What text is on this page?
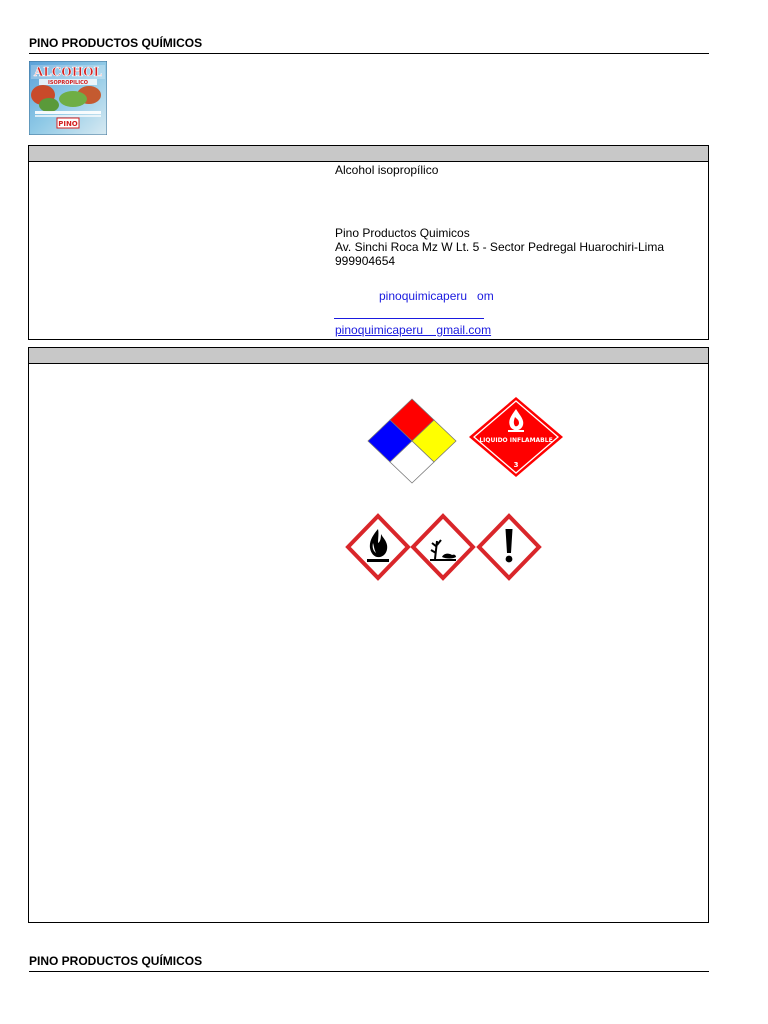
PINO PRODUCTOS QUÍMICOS
ALCOHOL
ISOPROPILICO
PINO
Alcohol isopropílico
Pino Productos Quimicos
Av. Sinchi Roca Mz W Lt. 5 - Sector Pedregal Huarochiri-Lima
999904654
pinoquimicaperu   om
pinoquimicaperu    gmail.com
LIQUIDO INFLAMABLE
3
PINO PRODUCTOS QUÍMICOS
